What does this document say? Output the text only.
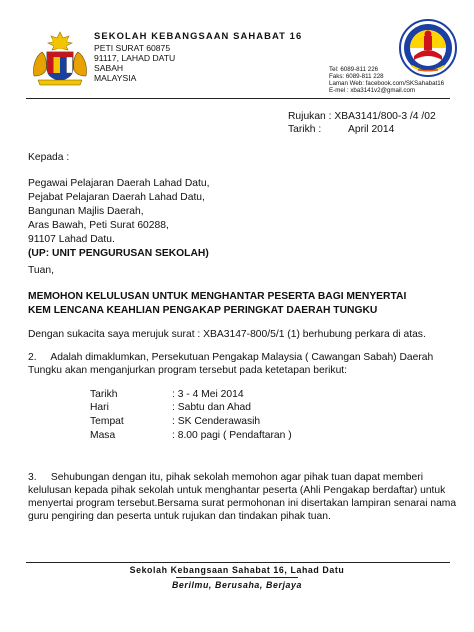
SEKOLAH KEBANGSAAN SAHABAT 16
PETI SURAT 60875
91117, LAHAD DATU
SABAH
MALAYSIA
Tel: 6089-811 226
Faks: 6089-811 228
Laman Web: facebook.com/SKSahabat16
E-mel : xba3141v2@gmail.com
Rujukan : XBA3141/800-3 /4 /02
Tarikh :	April 2014
Kepada :
Pegawai Pelajaran Daerah Lahad Datu,
Pejabat Pelajaran Daerah Lahad Datu,
Bangunan Majlis Daerah,
Aras Bawah, Peti Surat 60288,
91107 Lahad Datu.
(UP: UNIT PENGURUSAN SEKOLAH)
Tuan,
MEMOHON KELULUSAN UNTUK MENGHANTAR PESERTA BAGI MENYERTAI
KEM LENCANA KEAHLIAN PENGAKAP PERINGKAT DAERAH TUNGKU
Dengan sukacita saya merujuk surat : XBA3147-800/5/1 (1) berhubung perkara di atas.
2.     Adalah dimaklumkan, Persekutuan Pengakap Malaysia ( Cawangan Sabah) Daerah
Tungku akan menganjurkan program tersebut pada ketetapan berikut:
Tarikh	: 3 - 4 Mei 2014
Hari	: Sabtu dan Ahad
Tempat	: SK Cenderawasih
Masa	: 8.00 pagi ( Pendaftaran )
3.     Sehubungan dengan itu, pihak sekolah memohon agar pihak tuan dapat memberi
kelulusan kepada pihak sekolah untuk menghantar peserta (Ahli Pengakap berdaftar) untuk
menyertai program tersebut.Bersama surat permohonan ini disertakan lampiran senarai nama
guru pengiring dan peserta untuk rujukan dan tindakan pihak tuan.
Sekolah Kebangsaan Sahabat 16, Lahad Datu
Berilmu, Berusaha, Berjaya
